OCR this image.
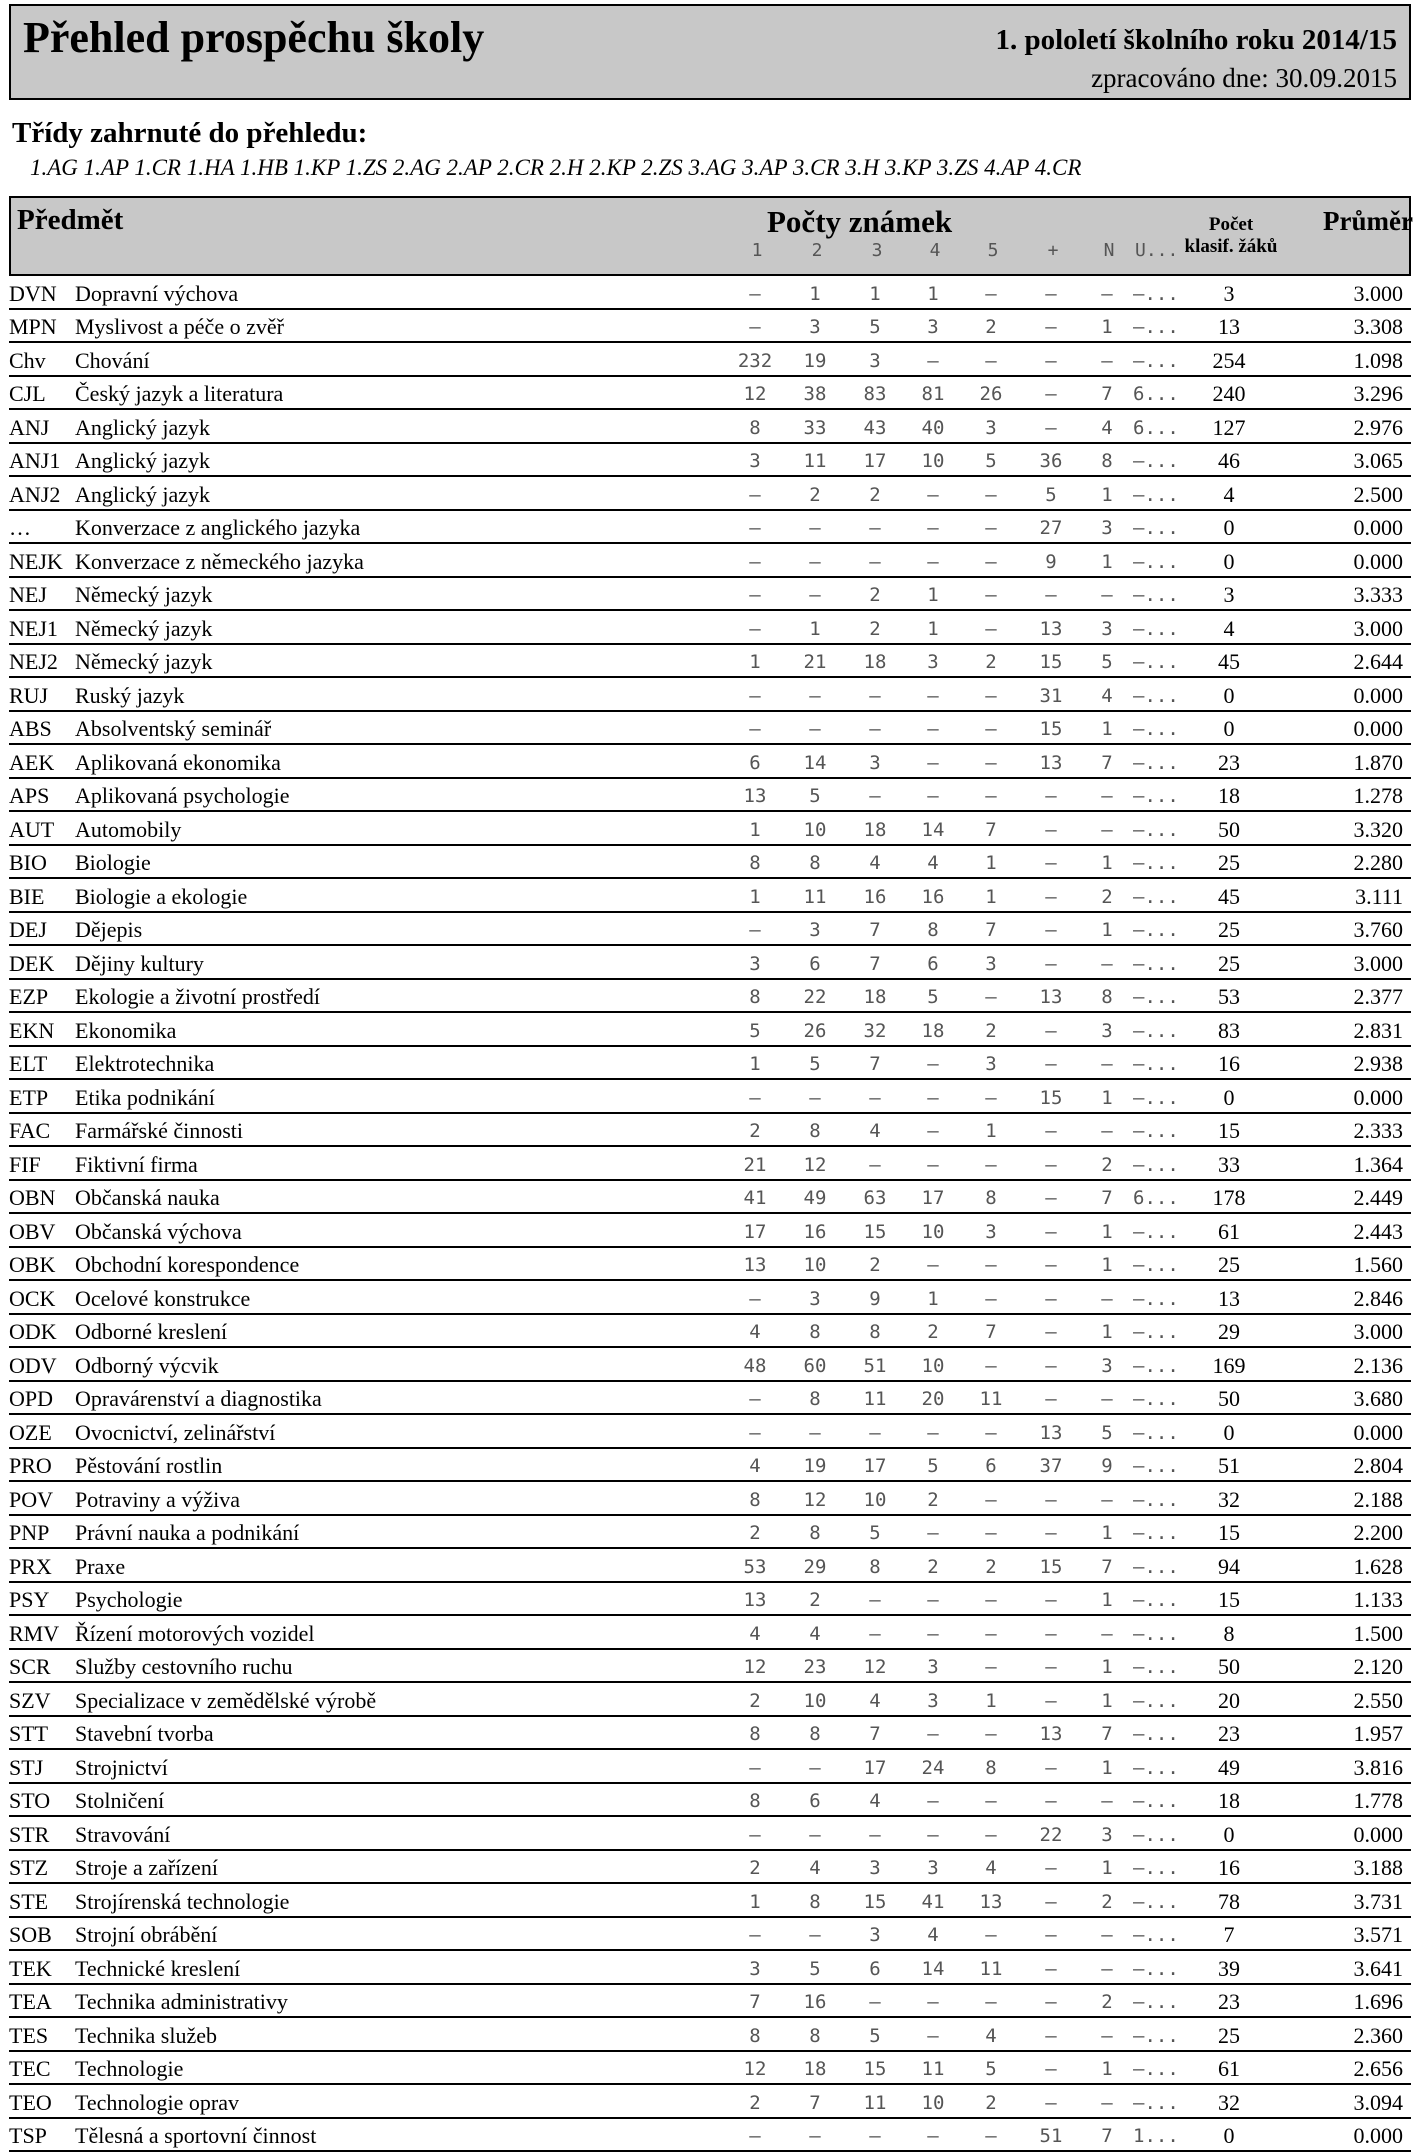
Přehled prospěchu školy	1. pololetí školního roku 2014/15
zpracováno dne: 30.09.2015
Třídy zahrnuté do přehledu:
1.AG 1.AP 1.CR 1.HA 1.HB 1.KP 1.ZS 2.AG 2.AP 2.CR 2.H 2.KP 2.ZS 3.AG 3.AP 3.CR 3.H 3.KP 3.ZS 4.AP 4.CR
Předmět	Počty známek
1	2	3	4	5	+	N	U...
Počet
klasif. žáků
Průměr
DVN Dopravní výchova	–	1	1	1	–	–	–	–...	3	3.000
MPN Myslivost a péče o zvěř	–	3	5	3	2	–	1	–...	13	3.308
Chv Chování	232	19	3	–	–	–	–	–...	254	1.098
CJL Český jazyk a literatura	12	38	83	81	26	–	7	6...	240	3.296
ANJ Anglický jazyk	8	33	43	40	3	–	4	6...	127	2.976
ANJ1 Anglický jazyk	3	11	17	10	5	36	8	–...	46	3.065
ANJ2 Anglický jazyk	–	2	2	–	–	5	1	–...	4	2.500
… Konverzace z anglického jazyka	–	–	–	–	–	27	3	–...	0	0.000
NEJK Konverzace z německého jazyka	–	–	–	–	–	9	1	–...	0	0.000
NEJ Německý jazyk	–	–	2	1	–	–	–	–...	3	3.333
NEJ1 Německý jazyk	–	1	2	1	–	13	3	–...	4	3.000
NEJ2 Německý jazyk	1	21	18	3	2	15	5	–...	45	2.644
RUJ Ruský jazyk	–	–	–	–	–	31	4	–...	0	0.000
ABS Absolventský seminář	–	–	–	–	–	15	1	–...	0	0.000
AEK Aplikovaná ekonomika	6	14	3	–	–	13	7	–...	23	1.870
APS Aplikovaná psychologie	13	5	–	–	–	–	–	–...	18	1.278
AUT Automobily	1	10	18	14	7	–	–	–...	50	3.320
BIO Biologie	8	8	4	4	1	–	1	–...	25	2.280
BIE Biologie a ekologie	1	11	16	16	1	–	2	–...	45	3.111
DEJ Dějepis	–	3	7	8	7	–	1	–...	25	3.760
DEK Dějiny kultury	3	6	7	6	3	–	–	–...	25	3.000
EZP Ekologie a životní prostředí	8	22	18	5	–	13	8	–...	53	2.377
EKN Ekonomika	5	26	32	18	2	–	3	–...	83	2.831
ELT Elektrotechnika	1	5	7	–	3	–	–	–...	16	2.938
ETP Etika podnikání	–	–	–	–	–	15	1	–...	0	0.000
FAC Farmářské činnosti	2	8	4	–	1	–	–	–...	15	2.333
FIF Fiktivní firma	21	12	–	–	–	–	2	–...	33	1.364
OBN Občanská nauka	41	49	63	17	8	–	7	6...	178	2.449
OBV Občanská výchova	17	16	15	10	3	–	1	–...	61	2.443
OBK Obchodní korespondence	13	10	2	–	–	–	1	–...	25	1.560
OCK Ocelové konstrukce	–	3	9	1	–	–	–	–...	13	2.846
ODK Odborné kreslení	4	8	8	2	7	–	1	–...	29	3.000
ODV Odborný výcvik	48	60	51	10	–	–	3	–...	169	2.136
OPD Opravárenství a diagnostika	–	8	11	20	11	–	–	–...	50	3.680
OZE Ovocnictví, zelinářství	–	–	–	–	–	13	5	–...	0	0.000
PRO Pěstování rostlin	4	19	17	5	6	37	9	–...	51	2.804
POV Potraviny a výživa	8	12	10	2	–	–	–	–...	32	2.188
PNP Právní nauka a podnikání	2	8	5	–	–	–	1	–...	15	2.200
PRX Praxe	53	29	8	2	2	15	7	–...	94	1.628
PSY Psychologie	13	2	–	–	–	–	1	–...	15	1.133
RMV Řízení motorových vozidel	4	4	–	–	–	–	–	–...	8	1.500
SCR Služby cestovního ruchu	12	23	12	3	–	–	1	–...	50	2.120
SZV Specializace v zemědělské výrobě	2	10	4	3	1	–	1	–...	20	2.550
STT Stavební tvorba	8	8	7	–	–	13	7	–...	23	1.957
STJ Strojnictví	–	–	17	24	8	–	1	–...	49	3.816
STO Stolničení	8	6	4	–	–	–	–	–...	18	1.778
STR Stravování	–	–	–	–	–	22	3	–...	0	0.000
STZ Stroje a zařízení	2	4	3	3	4	–	1	–...	16	3.188
STE Strojírenská technologie	1	8	15	41	13	–	2	–...	78	3.731
SOB Strojní obrábění	–	–	3	4	–	–	–	–...	7	3.571
TEK Technické kreslení	3	5	6	14	11	–	–	–...	39	3.641
TEA Technika administrativy	7	16	–	–	–	–	2	–...	23	1.696
TES Technika služeb	8	8	5	–	4	–	–	–...	25	2.360
TEC Technologie	12	18	15	11	5	–	1	–...	61	2.656
TEO Technologie oprav	2	7	11	10	2	–	–	–...	32	3.094
TSP Tělesná a sportovní činnost	–	–	–	–	–	51	7	1...	0	0.000
